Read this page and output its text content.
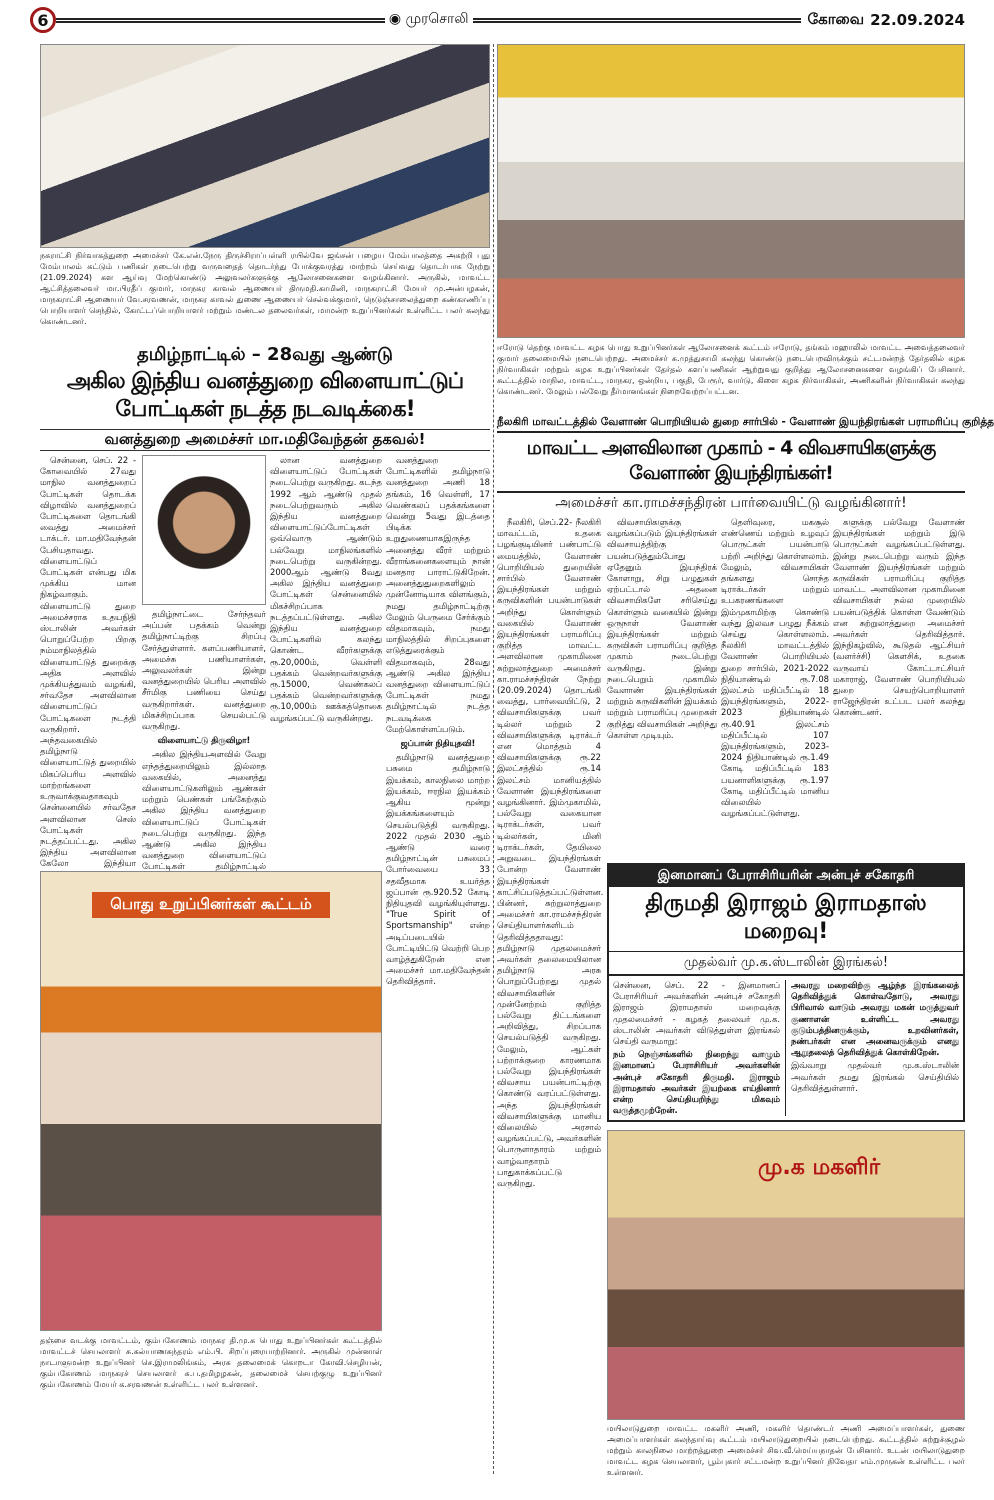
6	◉ முரசொலி	கோவை 22.09.2024
நகராட்சி நிர்வாகத்துறை அமைச்சர் கே.என்.நேரு திருச்சிராப்பள்ளி ரயில்வே ஜங்சன் பழைய மேம்பாலத்தை அகற்றி புது மேம்பாலம் கட்டும் பணிகள் நடைபெற்று வருவதைத் தொடர்ந்து போக்குவரத்து மாற்றம் செய்வது தொடர்பாக நேற்று (21.09.2024) கள ஆய்வு மேற்கொண்டு அலுவலர்களுக்கு ஆலோசனைகளை வழங்கினார். அருகில், மாவட்ட ஆட்சித்தலைவர் மா.பிரதீப் குமார், மாநகர காவல் ஆணையர் திருமதி.காமினி, மாநகராட்சி மேயர் மு.அன்பழகன், மாநகராட்சி ஆணையர் வே.சரவணன், மாநகர காவல் துணை ஆணையர் செல்வக்குமார், நெடுஞ்சாலைத்துறை கண்காணிப்பு பொறியாளர் செந்தில், கோட்டப்பொறியாளர் மற்றும் மண்டல தலைவர்கள், மாமன்ற உறுப்பினர்கள் உள்ளிட்ட பலர் கலந்து கொண்டனர்.
ஈரோடு தெற்கு மாவட்ட கழக பொது உறுப்பினர்கள் ஆலோசனைக் கூட்டம் ஈரோடு, தங்கம் மஹாலில் மாவட்ட அவைத்தலைவர் குமார் தலைமையில் நடைபெற்றது. அமைச்சர் சு.முத்துசாமி கலந்து கொண்டு நடைபெறவிருக்கும் சட்டமன்றத் தேர்தலில் கழக நிர்வாகிகள் மற்றும் கழக உறுப்பினர்கள் தேர்தல் களப்பணிகள் ஆற்றுவது குறித்து ஆலோசனைகளை வழங்கிப் பேசினார். கூட்டத்தில் மாநில, மாவட்ட, மாநகர, ஒன்றிய, பகுதி, பேரூர், வார்டு, கிளை கழக நிர்வாகிகள், அணிகளின் நிர்வாகிகள் கலந்து கொண்டனர். மேலும் பல்வேறு தீர்மானங்கள் நிறைவேற்றப்பட்டன.
தமிழ்நாட்டில் – 28வது ஆண்டு
அகில இந்திய வனத்துறை விளையாட்டுப் போட்டிகள் நடத்த நடவடிக்கை!
வனத்துறை அமைச்சர் மா.மதிவேந்தன் தகவல்!

சென்னை, செப். 22 - கோவையில் 27வது மாநில வனத்துறைப் போட்டிகள் தொடக்க விழாவில் வனத்துறைப் போட்டிகளை தொடங்கி வைத்து அமைச்சர் டாக்டர். மா.மதிவேந்தன் பேசியதாவது. விளையாட்டுப் போட்டிகள் என்பது மிக முக்கிய மான நிகழ்வாகும். விளையாட்டு துறை அமைச்சராக உதயநிதி ஸ்டாலின் அவர்கள் பொறுப்பேற்ற பிறகு நம்மாநிலத்தில் விளையாட்டுத் துறைக்கு அதிக அளவில் முக்கியத்துவம் வழங்கி, சர்வதேச அளவிலான விளையாட்டுப் போட்டிகளை நடத்தி வருகிறார். அந்தவகையில் தமிழ்நாடு விளையாட்டுத் துறையில் மிகப்பெரிய அளவில் மாற்றங்களை உருவாக்குவதாகவும் சென்னையில் சர்வதேச அளவிலான செஸ் போட்டிகள் நடத்தப்பட்டது. அகில இந்திய அளவிலான கேலோ இந்தியா

தமிழ்நாட்டை சேர்ந்தவர் அப்பன் பதக்கம் வென்று தமிழ்நாட்டிற்கு சிறப்பு சேர்த்துள்ளார். களப்பணியாளர், அமைச்சு பணியாளர்கள், அலுவலர்கள் இன்று வனத்துறையில் பெரிய அளவில் சீர்மிகு பணியை செய்து வருகிறார்கள். வனத்துறை மிகச்சிறப்பாக செயல்பட்டு வருகிறது.

விளையாட்டு திருவிழா!

அகில இந்தியஅளவில் வேறு எந்தத்துறையிலும் இல்லாத வகையில், அனைத்து விளையாட்டுகளிலும் ஆண்கள் மற்றும் பெண்கள் பங்கேற்கும் அகில இந்திய வனத்துறை விளையாட்டுப் போட்டிகள் நடைபெற்று வருகிறது. இந்த ஆண்டு அகில இந்திய வனத்துறை விளையாட்டுப் போட்டிகள் தமிழ்நாட்டில்

லான வனத்துறை விளையாட்டுப் போட்டிகள் நடைபெற்று வருகிறது. கடந்த 1992 ஆம் ஆண்டு முதல் நடைபெற்றுவரும் அகில இந்திய வனத்துறை விளையாட்டுப்போட்டிகள் ஒவ்வொரு ஆண்டும் பல்வேறு மாநிலங்களில் நடைபெற்று வருகின்றது. 2000ஆம் ஆண்டு 8வது அகில இந்திய வனத்துறை போட்டிகள் சென்னையில் மிகச்சிறப்பாக நடத்தப்பட்டுள்ளது. அகில இந்திய வனத்துறை போட்டிகளில் கலந்து கொண்ட வீரர்களுக்கு ரூ.20,000ம், வெள்ளி பதக்கம் வென்றவர்களுக்கு ரூ.15000, வெண்கலப் பதக்கம் வென்றவர்களுக்கு ரூ.10,000ம் ஊக்கத்தொகை வழங்கப்பட்டு வருகின்றது.

வனத்துறை போட்டிகளில் தமிழ்நாடு வனத்துறை அணி 18 தங்கம், 16 வெள்ளி, 17 வெண்கலப் பதக்கங்களை வென்று 5வது இடத்தை பிடிக்க உறுதுணையாகஇருந்த அனைத்து வீரர் மற்றும் வீராங்கனைகளையும் நான் மனதார பாராட்டுகிறேன். அனைத்துதுறைகளிலும் முன்னோடியாக விளங்கும், நமது தமிழ்நாட்டிற்கு மேலும் பெருமை சேர்க்கும் விதமாகவும், நமது மாநிலத்தில் சிறப்புகளை எடுத்துரைக்கும் விதமாகவும், 28வது ஆண்டு அகில இந்திய வனத்துறை விளையாட்டுப் போட்டிகள் நமது தமிழ்நாட்டில் நடத்த நடவடிக்கை மேற்கொள்ளப்படும்.

ஜப்பான் நிதியுதவி!

தமிழ்நாடு வனத்துறை பசுமை தமிழ்நாடு இயக்கம், காலநிலை மாற்ற இயக்கம், ஈரநில இயக்கம் ஆகிய மூன்று இயக்கங்களையும் செயல்படுத்தி வருகிறது. 2022 முதல் 2030 ஆம் ஆண்டு வரை தமிழ்நாட்டின் பசுமைப் போர்வையை 33 சதவீதமாக உயர்த்த ஜப்பான் ரூ.920.52 கோடி நிதியுதவி வழங்கியுள்ளது. "True Spirit of Sportsmanship" என்ற அடிப்படையில் போட்டியிட்டு வெற்றி பெற வாழ்த்துகிறேன் என அமைச்சர் மா.மதிவேந்தன் தெரிவித்தார்.

பொது உறுப்பினர்கள் கூட்டம்
தஞ்சை வடக்கு மாவட்டம், கும்பகோணம் மாநகர தி.மு.க பொது உறுப்பினர்கள் கூட்டத்தில் மாவட்டச் செயலாளர் சு.கல்யாணசுந்தரம் எம்.பி. சிறப்புரையாற்றினார். அருகில் முன்னாள் நாடாளுமன்ற உறுப்பினர் செ.இராமலிங்கம், அரசு தலைமைக் கொறடா கோவி.செழியன், கும்பகோணம் மாநகரச் செயலாளர் சு.ப.தமிழழகன், தலைமைச் செயற்குழு உறுப்பினர் கும்பகோணம் மேயர் க.சரவணன் உள்ளிட்ட பலர் உள்ளனர்.
நீலகிரி மாவட்டத்தில் வேளாண் பொறியியல் துறை சார்பில் - வேளாண் இயந்திரங்கள் பராமரிப்பு குறித்த
மாவட்ட அளவிலான முகாம் - 4 விவசாயிகளுக்கு வேளாண் இயந்திரங்கள்!
அமைச்சர் கா.ராமச்சந்திரன் பார்வையிட்டு வழங்கினார்!

நீலகிரி, செப்.22- நீலகிரி மாவட்டம், உதகை பழங்குடியினர் பண்பாட்டு மையத்தில், வேளாண் பொறியியல் துறையின் சார்பில் வேளாண் இயந்திரங்கள் மற்றும் கருவிகளின் பயன்பாடுகள் அறிந்து கொள்ளும் வகையில் வேளாண் இயந்திரங்கள் பராமரிப்பு குறித்த மாவட்ட அளவிலான முகாமினை சுற்றுலாத்துறை அமைச்சர் கா.ராமச்சந்திரன் நேற்று (20.09.2024) தொடங்கி வைத்து, பார்வையிட்டு, 2 விவசாயிகளுக்கு பவர் டில்லர் மற்றும் 2 விவசாயிகளுக்கு டிராக்டர் என மொத்தம் 4 விவசாயிகளுக்கு ரூ.22 இலட்சத்தில் ரூ.14 இலட்சம் மானியத்தில் வேளாண் இயந்திரங்களை வழங்கினார். இம்முகாமில், பல்வேறு வகையான டிராக்டர்கள், பவர் டில்லர்கள், மினி டிராக்டர்கள், தேயிலை அறுவடை இயந்திரங்கள் போன்ற வேளாண் இயந்திரங்கள் காட்சிப்படுத்தப்பட்டுள்ளன. பின்னர், சுற்றுலாத்துறை அமைச்சர் கா.ராமச்சந்திரன் செய்தியாளர்களிடம் தெரிவித்ததாவது: தமிழ்நாடு முதலமைச்சர் அவர்கள் தலைமையிலான தமிழ்நாடு அரசு பொறுப்பேற்றது முதல் விவசாயிகளின் முன்னேற்றம் குறித்த பல்வேறு திட்டங்களை அறிவித்து, சிறப்பாக செயல்படுத்தி வருகிறது. மேலும், ஆட்கள் பற்றாக்குறை காரணமாக பல்வேறு இயந்திரங்கள் விவசாய பயன்பாட்டிற்கு கொண்டு வரப்பட்டுள்ளது. அந்த இயந்திரங்கள் விவசாயிகளுக்கு மானிய விலையில் அரசால் வழங்கப்பட்டு, அவர்களின் பொருளாதாரம் மற்றும் வாழ்வாதாரம் பாதுகாக்கப்பட்டு வருகிறது.

விவசாயிகளுக்கு வழங்கப்படும் இயந்திரங்கள் விவசாயத்திற்கு பயன்படுத்தும்போது ஏதேனும் இயந்திரக் கோளாறு, சிறு பழுதுகள் ஏற்பட்டால் அதனை விவசாயிகளே சரிசெய்து கொள்ளும் வகையில் இன்று ஒருநாள் வேளாண் இயந்திரங்கள் மற்றும் கருவிகள் பராமரிப்பு குறித்த முகாம் நடைபெற்று வருகிறது. இன்று நடைபெறும் முகாமில் வேளாண் இயந்திரங்கள் மற்றும் கருவிகளின் இயக்கம் மற்றும் பராமரிப்பு முறைகள் குறித்து விவசாயிகள் அறிந்து கொள்ள முடியும்.

தெளிவுரை, மகசூல் எண்ணெய் மற்றும் உழவுப் பொருட்கள் பயன்பாடு பற்றி அறிந்து கொள்ளலாம். மேலும், விவசாயிகள் தங்களது சொந்த டிராக்டர்கள் மற்றும் உபகரணங்களை இம்முகாமிற்கு கொண்டு வந்து இலவச பழுது நீக்கம் செய்து கொள்ளலாம். நீலகிரி மாவட்டத்தில் வேளாண் பொறியியல் துறை சார்பில், 2021-2022 நிதியாண்டில் ரூ.7.08 இலட்சம் மதிப்பீட்டில் 18 இயந்திரங்களும், 2022-2023 நிதியாண்டில் ரூ.40.91 இலட்சம் மதிப்பீட்டில் 107 இயந்திரங்களும், 2023-2024 நிதியாண்டில் ரூ.1.49 கோடி மதிப்பீட்டில் 183 பயனாளிகளுக்கு ரூ.1.97 கோடி மதிப்பீட்டில் மானிய விலையில் வழங்கப்பட்டுள்ளது.

களுக்கு பல்வேறு வேளாண் இயந்திரங்கள் மற்றும் இடு பொருட்கள் வழங்கப்பட்டுள்ளது. இன்று நடைபெற்று வரும் இந்த வேளாண் இயந்திரங்கள் மற்றும் கருவிகள் பராமரிப்பு குறித்த மாவட்ட அளவிலான முகாமினை விவசாயிகள் நல்ல முறையில் பயன்படுத்திக் கொள்ள வேண்டும் என சுற்றுலாத்துறை அமைச்சர் அவர்கள் தெரிவித்தார். இந்நிகழ்வில், கூடுதல் ஆட்சியர் (வளர்ச்சி) கௌசிக், உதகை வருவாய் கோட்டாட்சியர் மகாராஜ், வேளாண் பொறியியல் துறை செயற்பொறியாளர் ராஜேந்திரன் உட்பட பலர் கலந்து கொண்டனர்.

இனமானப் பேராசிரியரின் அன்புச் சகோதரி
திருமதி இராஜம் இராமதாஸ் மறைவு!
முதல்வர் மு.க.ஸ்டாலின் இரங்கல்!

சென்னை, செப். 22 - இனமானப் பேராசிரியர் அவர்களின் அன்புச் சகோதரி இராஜம் இராமதாஸ் மறைவுக்கு முதலமைச்சர் - கழகத் தலைவர் மு.க. ஸ்டாலின் அவர்கள் விடுத்துள்ள இரங்கல் செய்தி வருமாறு:

நம் நெஞ்சங்களில் நிறைந்து வாழும் இனமானப் பேராசிரியர் அவர்களின் அன்புச் சகோதரி திருமதி. இராஜம் இராமதாஸ் அவர்கள் இயற்கை எய்தினார் என்ற செய்தியறிந்து மிகவும் வருத்தமுற்றேன்.

அவரது மறைவிற்கு ஆழ்ந்த இரங்கலைத் தெரிவித்துக் கொள்வதோடு, அவரது பிரிவால் வாடும் அவரது மகன் மருத்துவர் குணாளன் உள்ளிட்ட அவரது குடும்பத்தினருக்கும், உறவினர்கள், நண்பர்கள் என அனைவருக்கும் எனது ஆறுதலைத் தெரிவித்துக் கொள்கிறேன்.

இவ்வாறு முதல்வர் மு.க.ஸ்டாலின் அவர்கள் தமது இரங்கல் செய்தியில் தெரிவித்துள்ளார்.

மு.க மகளிர்
மயிலாடுதுறை மாவட்ட மகளிர் அணி, மகளிர் தொண்டர் அணி அமைப்பாளர்கள், துணை அமைப்பாளர்கள் கலந்தாய்வு கூட்டம் மயிலாடுதுறையில் நடைபெற்றது. கூட்டத்தில் சுற்றுச்சூழல் மற்றும் காலநிலை மாற்றத்துறை அமைச்சர் சிவ.வீ.மெய்யநாதன் பேசினார். உடன் மயிலாடுதுறை மாவட்ட கழக செயலாளர், பூம்புகார் சட்டமன்ற உறுப்பினர் நிவேதா எம்.முருகன் உள்ளிட்ட பலர் உள்ளனர்.
